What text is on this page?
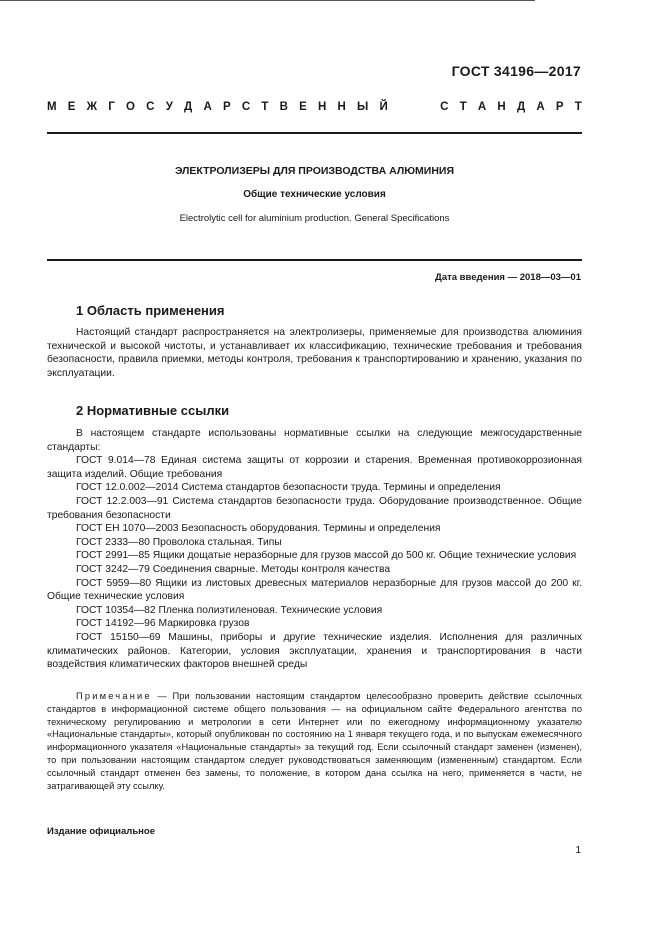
ГОСТ 34196—2017
М Е Ж Г О С У Д А Р С Т В Е Н Н Ы Й	С Т А Н Д А Р Т
ЭЛЕКТРОЛИЗЕРЫ ДЛЯ ПРОИЗВОДСТВА АЛЮМИНИЯ
Общие технические условия
Electrolytic cell for aluminium production. General Specifications
Дата введения — 2018—03—01
1 Область применения

Настоящий стандарт распространяется на электролизеры, применяемые для производства алюминия технической и высокой чистоты, и устанавливает их классификацию, технические требования и требования безопасности, правила приемки, методы контроля, требования к транспортированию и хранению, указания по эксплуатации.

2 Нормативные ссылки

В настоящем стандарте использованы нормативные ссылки на следующие межгосударственные стандарты:

ГОСТ 9.014—78 Единая система защиты от коррозии и старения. Временная противокоррозионная защита изделий. Общие требования

ГОСТ 12.0.002—2014 Система стандартов безопасности труда. Термины и определения

ГОСТ 12.2.003—91 Система стандартов безопасности труда. Оборудование производственное. Общие требования безопасности

ГОСТ ЕН 1070—2003 Безопасность оборудования. Термины и определения

ГОСТ 2333—80 Проволока стальная. Типы

ГОСТ 2991—85 Ящики дощатые неразборные для грузов массой до 500 кг. Общие технические условия

ГОСТ 3242—79 Соединения сварные. Методы контроля качества

ГОСТ 5959—80 Ящики из листовых древесных материалов неразборные для грузов массой до 200 кг. Общие технические условия

ГОСТ 10354—82 Пленка полиэтиленовая. Технические условия

ГОСТ 14192—96 Маркировка грузов

ГОСТ 15150—69 Машины, приборы и другие технические изделия. Исполнения для различных климатических районов. Категории, условия эксплуатации, хранения и транспортирования в части воздействия климатических факторов внешней среды

Примечание — При пользовании настоящим стандартом целесообразно проверить действие ссылочных стандартов в информационной системе общего пользования — на официальном сайте Федерального агентства по техническому регулированию и метрологии в сети Интернет или по ежегодному информационному указателю «Национальные стандарты», который опубликован по состоянию на 1 января текущего года, и по выпускам ежемесячного информационного указателя «Национальные стандарты» за текущий год. Если ссылочный стандарт заменен (изменен), то при пользовании настоящим стандартом следует руководствоваться заменяющим (измененным) стандартом. Если ссылочный стандарт отменен без замены, то положение, в котором дана ссылка на него, применяется в части, не затрагивающей эту ссылку.

Издание официальное
1
